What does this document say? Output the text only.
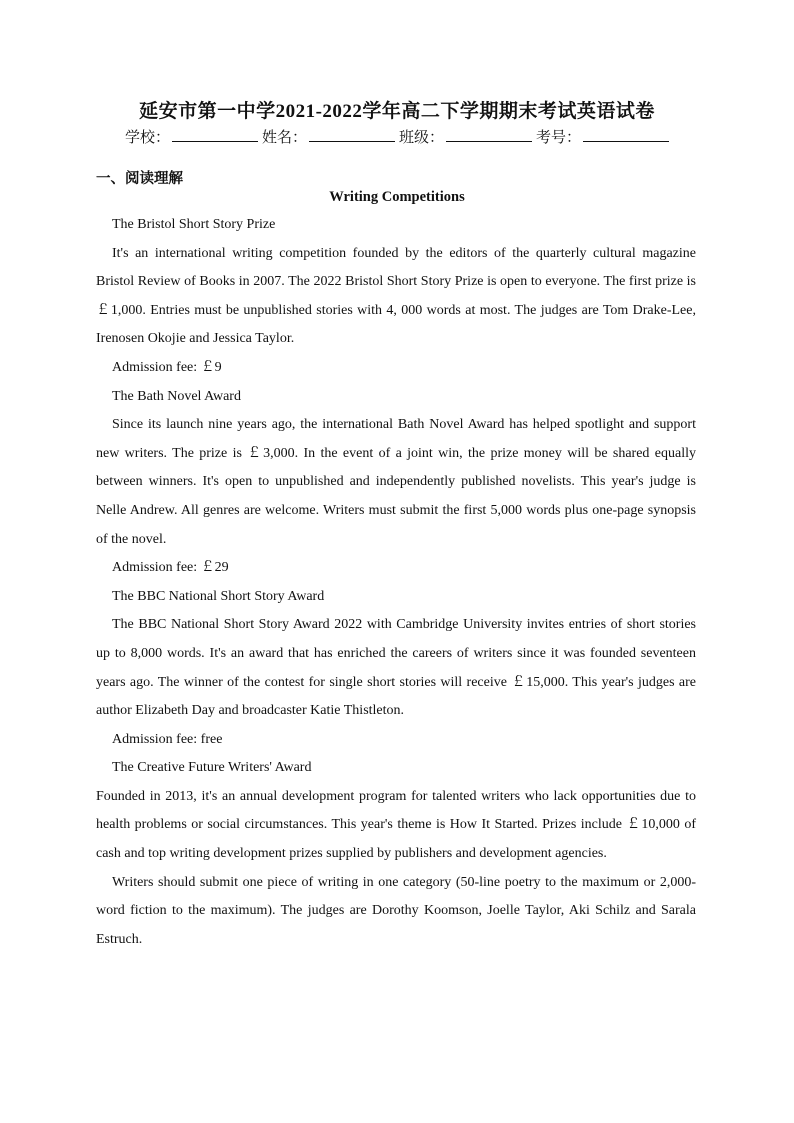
延安市第一中学2021-2022学年高二下学期期末考试英语试卷
学校：	姓名：	班级：	考号：
一、阅读理解
Writing Competitions

The Bristol Short Story Prize

It's an international writing competition founded by the editors of the quarterly cultural magazine Bristol Review of Books in 2007. The 2022 Bristol Short Story Prize is open to everyone. The first prize is ￡1,000. Entries must be unpublished stories with 4, 000 words at most. The judges are Tom Drake-Lee, Irenosen Okojie and Jessica Taylor.

Admission fee: ￡9

The Bath Novel Award

Since its launch nine years ago, the international Bath Novel Award has helped spotlight and support new writers. The prize is ￡3,000. In the event of a joint win, the prize money will be shared equally between winners. It's open to unpublished and independently published novelists. This year's judge is Nelle Andrew. All genres are welcome. Writers must submit the first 5,000 words plus one-page synopsis of the novel.

Admission fee: ￡29

The BBC National Short Story Award

The BBC National Short Story Award 2022 with Cambridge University invites entries of short stories up to 8,000 words. It's an award that has enriched the careers of writers since it was founded seventeen years ago. The winner of the contest for single short stories will receive ￡15,000. This year's judges are author Elizabeth Day and broadcaster Katie Thistleton.

Admission fee: free

The Creative Future Writers' Award

Founded in 2013, it's an annual development program for talented writers who lack opportunities due to health problems or social circumstances. This year's theme is How It Started. Prizes include ￡10,000 of cash and top writing development prizes supplied by publishers and development agencies.

Writers should submit one piece of writing in one category (50-line poetry to the maximum or 2,000-word fiction to the maximum). The judges are Dorothy Koomson, Joelle Taylor, Aki Schilz and Sarala Estruch.
